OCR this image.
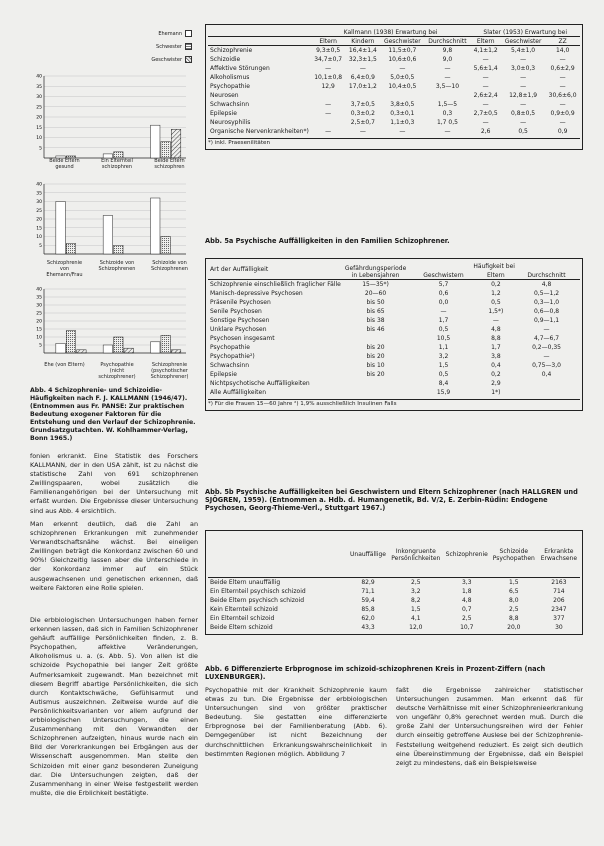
Ehemann
Schwester
Geschwister
40
35
30
25
20
15
10
5
Beide Eltern gesund
Ein Elternteil schizophren
Beide Eltern schizophren
40
35
30
25
20
15
10
5
Schizophrenie von Ehemann/Frau
Schizoide von Schizophrenen
Schizoide von Schizophrenen
40
35
30
25
20
15
10
5
Ehe (von Eltern)	Psychopathie (nicht schizophrener)
Schizophrenie (psychotischer Schizophrener)
Abb. 4 Schizophrenie- und Schizoidie-Häufigkeiten nach F. J. KALLMANN (1946/47). (Entnommen aus Fr. PANSE: Zur praktischen Bedeutung exogener Faktoren für die Entstehung und den Verlauf der Schizophrenie. Grundsatzgutachten. W. Kohlhammer-Verlag, Bonn 1965.)

fonien erkrankt. Eine Statistik des Forschers KALLMANN, der in den USA zählt, ist zu nächst die statistische Zahl von 691 schizophrenen Zwillingspaaren, wobei zusätzlich die Familienangehörigen bei der Untersuchung mit erfaßt wurden. Die Ergebnisse dieser Untersuchung sind aus Abb. 4 ersichtlich.

Man erkennt deutlich, daß die Zahl an schizophrenen Erkrankungen mit zunehmender Verwandtschaftsnähe wächst. Bei eineiigen Zwillingen beträgt die Konkordanz zwischen 60 und 90%! Gleichzeitig lassen aber die Unterschiede in der Konkordanz immer auf ein Stück ausgewachsenen und genetischen erkennen, daß weitere Faktoren eine Rolle spielen.

Die erbbiologischen Untersuchungen haben ferner erkennen lassen, daß sich in Familien Schizophrener gehäuft auffällige Persönlichkeiten finden, z. B. Psychopathen, affektive Veränderungen, Alkoholismus u. a. (s. Abb. 5). Von allen ist die schizoide Psychopathie bei langer Zeit größte Aufmerksamkeit zugewandt. Man bezeichnet mit diesem Begriff abartige Persönlichkeiten, die sich durch Kontaktschwäche, Gefühlsarmut und Autismus auszeichnen. Zeitweise wurde auf die Persönlichkeitsvarianten vor allem aufgrund der erbbiologischen Untersuchungen, die einen Zusammenhang mit den Verwandten der Schizophrenen aufzeigten, hinaus wurde nach ein Bild der Vorerkrankungen bei Erbgängen aus der Wissenschaft ausgenommen. Man stellte den Schizoiden mit einer ganz besonderen Zuneigung dar. Die Untersuchungen zeigten, daß der Zusammenhang in einer Weise festgestellt werden mußte, die die Erblichkeit bestätigte.

	Kallmann (1938) Erwartung bei				Slater (1953) Erwartung bei		
	Eltern	Kindern	Geschwister	Durchschnitt	Eltern	Geschwister	ZZ
Schizophrenie	9,3±0,5	16,4±1,4	11,5±0,7	9,8	4,1±1,2	5,4±1,0	14,0
Schizoidie	34,7±0,7	32,3±1,5	10,6±0,6	9,0	—	—	—
Affektive Störungen	—	—	—	—	5,6±1,4	3,0±0,3	0,6±2,9
Alkoholismus	10,1±0,8	6,4±0,9	5,0±0,5	—	—	—	—
Psychopathie	12,9	17,0±1,2	10,4±0,5	3,5—10	—	—	—
Neurosen					2,6±2,4	12,8±1,9	30,6±6,0
Schwachsinn	—	3,7±0,5	3,8±0,5	1,5—5	—	—	—
Epilepsie	—	0,3±0,2	0,3±0,1	0,3	2,7±0,5	0,8±0,5	0,9±0,9
Neurosyphilis		2,5±0,7	1,1±0,3	1,7 0,5	—	—	—
Organische Nervenkrankheiten*)	—	—	—	—	2,6	0,5	0,9
*) inkl. Praesenilitäten
Abb. 5a Psychische Auffälligkeiten in den Familien Schizophrener.
Art der Auffälligkeit	Gefährdungsperiode in Lebensjahren	Häufigkeit bei		
		Geschwistern	Eltern	Durchschnitt
Schizophrenie einschließlich fraglicher Fälle	15—35*)	5,7	0,2	4,8
Manisch-depressive Psychosen	20—60	0,6	1,2	0,5—1,2
Präsenile Psychosen	bis 50	0,0	0,5	0,3—1,0
Senile Psychosen	bis 65	—	1,5*)	0,6—0,8
Sonstige Psychosen	bis 38	1,7	—	0,9—1,1
Unklare Psychosen	bis 46	0,5	4,8	—
Psychosen insgesamt		10,5	8,8	4,7—6,7
Psychopathie	bis 20	1,1	1,7	0,2—0,35
Psychopathie²)	bis 20	3,2	3,8	—
Schwachsinn	bis 10	1,5	0,4	0,75—3,0
Epilepsie	bis 20	0,5	0,2	0,4
Nichtpsychotische Auffälligkeiten		8,4	2,9	
Alle Auffälligkeiten		15,9	1*)	
*) Für die Frauen 15—60 Jahre ²) 1,9% ausschließlich Insulinen Falls
Abb. 5b Psychische Auffälligkeiten bei Geschwistern und Eltern Schizophrener (nach HALLGREN und SJÖGREN, 1959). (Entnommen a. Hdb. d. Humangenetik, Bd. V/2, E. Zerbin-Rüdin: Endogene Psychosen, Georg-Thieme-Verl., Stuttgart 1967.)
	Unauffällige	Inkongruente Persönlichkeiten	Schizophrenie	Schizoide Psychopathen	Erkrankte Erwachsene
Beide Eltern unauffällig	82,9	2,5	3,3	1,5	2163
Ein Elternteil psychisch schizoid	71,1	3,2	1,8	6,5	714
Beide Eltern psychisch schizoid	59,4	8,2	4,8	8,0	206
Kein Elternteil schizoid	85,8	1,5	0,7	2,5	2347
Ein Elternteil schizoid	62,0	4,1	2,5	8,8	377
Beide Eltern schizoid	43,3	12,0	10,7	20,0	30
Abb. 6 Differenzierte Erbprognose im schizoid-schizophrenen Kreis in Prozent-Ziffern (nach LUXENBURGER).

Psychopathie mit der Krankheit Schizophrenie kaum etwas zu tun. Die Ergebnisse der erbbiologischen Untersuchungen sind von größter praktischer Bedeutung. Sie gestatten eine differenzierte Erbprognose bei der Familienberatung (Abb. 6). Demgegenüber ist nicht Bezeichnung der durchschnittlichen Erkrankungswahrscheinlichkeit in bestimmten Regionen möglich. Abbildung 7

faßt die Ergebnisse zahlreicher statistischer Untersuchungen zusammen. Man erkennt daß für deutsche Verhältnisse mit einer Schizophrenieerkrankung von ungefähr 0,8% gerechnet werden muß. Durch die große Zahl der Untersuchungsreihen wird der Fehler durch einseitig getroffene Auslese bei der Schizophrenie-Feststellung weitgehend reduziert. Es zeigt sich deutlich eine Übereinstimmung der Ergebnisse, daß ein Beispiel zeigt zu mindestens, daß ein Beispielsweise
